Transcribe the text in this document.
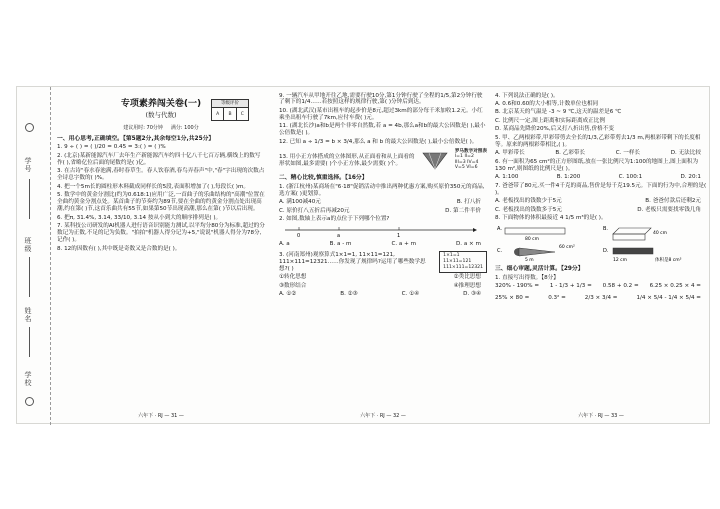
学号
班级
姓名
学校
等级评价
A	B	C
专项素养闯关卷(一)
(数与代数)
建议用时: 70分钟 满分: 100分
一、用心思考,正确填空。【第5题2分,其余每空1分,共25分】
1. 9 ÷ ( ) = ( )/20 = 0.45 = 3:( ) = ( )%
2. (北京)某新能源汽车厂去年生产新能源汽车约四十亿八千七百万辆,横线上的数写作( ),省略亿位后面的尾数约是( )亿。
3. 在古诗"春水春池满,春时春草生。春人饮春酒,春鸟弄春声"中,"春"字出现的次数占全诗总字数的( )%。
4. 把一个5m长的圆柱形木料截成同样长的5段,表面积增加了( ),每段长( )m。
5. 数学中的黄金分割比(约为0.618:1)应用广泛,一首曲子的乐曲结构的"高潮"位置在全曲约黄金分割点处。某首曲子的节奏约为89节,要在全曲的约黄金分割点处出现高潮,约在第( )节,这首乐曲共有55节,如果第50节出现高潮,那么在第( )节以后出现。
6. 把π, 31.4%, 3.14, 33/10, 3.14 按从小到大的顺序排列是( )。
7. 某科技公司研发的AI机器人进行语音识别能力测试,以平均分80分为标准,超过的分数记为正数,不足的记为负数。"拍拍"机器人得分记为+5,"说说"机器人得分为78分,记作( )。
8. 12的因数有( ),其中既是奇数又是合数的是( )。
六年下 · RJ — 31 —
9. 一辆汽车从甲地开往乙地,需要行驶10分,第1分钟行驶了全程的1/5,第2分钟行驶了剩下的1/4……若按照这样的规律行驶,第( )分钟后到达。
10. (湖北武汉)某市出租车的起步价是8元,超过3km的部分每千米加收1.2元。小红乘坐出租车行驶了7km,应付车费( )元。
11. (湖北长沙)a和b是两个非零自然数,若 a = 4b,那么a和b的最大公因数是( ),最小公倍数是( )。
12. 已知 a ÷ 1/3 = b × 3/4,那么 a 和 b 的最大公因数是( ),最小公倍数是( )。
13. 用小正方体搭成的立体图形,从正面看和从上面看的形状如图,最多需要( )个小正方体,最少需要( )个。
罗马数字对照表
I=1 II=2
III=3 IV=4
V=5 VI=6
二、精心比较,慎重选择。【16分】
1. (浙江杭州)某商场在"6·18"促销活动中推出两种优惠方案,购买原价350元的商品,选方案( )更划算。
A. 满100减40元	B. 打八折
C. 原价打八五折后再减20元	D. 第二件半价
2. 如图,数轴上表示a的点位于下列哪个位置?
0	a	1
A. a	B. a - m	C. a + m	D. a × m
3. (河南郑州)观察算式1×1=1, 11×11=121, 111×111=12321……你发现了规律吗?运用了哪些数学思想?( )
1×1=1
11×11=121
111×111=12321
①转化思想	②类比思想
③数形结合	④推理思想
A. ①②	B. ②③	C. ①④	D. ③④
六年下 · RJ — 32 —
4. 下列说法正确的是( )。
A. 0.6和0.60的大小相等,计数单位也相同
B. 北京某天的气温是 -3 ~ 9 ℃,这天的温差是6 ℃
C. 比例尺一定,图上距离和实际距离成正比例
D. 某商品先降价20%,后又打八折出售,价格不变
5. 甲、乙两根彩带,甲彩带剪去全长的1/3,乙彩带剪去1/3 m,两根彩带剩下的长度相等。原来的两根彩带相比,( )。
A. 甲彩带长	B. 乙彩带长	C. 一样长	D. 无法比较
6. 有一面积为65 cm²的正方形图纸,放在一张比例尺为1:100的地图上,图上面积为130 m²,则图纸的比例尺是( )。
A. 1:100	B. 1:200	C. 100:1	D. 20:1
7. 爸爸带了80元,买一件4千克的商品,售价是每千克19.5元。下面的行为中,合理的是( )。
A. 老板找出的钱数少于5元	B. 爸爸付款后还剩2元
C. 老板找出的钱数多于5元	D. 老板只需要找零钱几角
8. 下面物体的体积最接近 4 1/5 m³的是( )。
A.
80 cm
B.
40 cm
C.
5 m
60 cm²
D.
12 cm	体积是8 cm³
三、细心审题,灵活计算。【29分】
1. 直接写出得数。【8分】
320% - 190% = 1 - 1/3 + 1/3 = 0.58 + 0.2 = 6.25 × 0.25 × 4 =
25% × 80 =	0.3² =	2/3 × 3/4 =	1/4 × 5/4 - 1/4 × 5/4 =
六年下 · RJ — 33 —
